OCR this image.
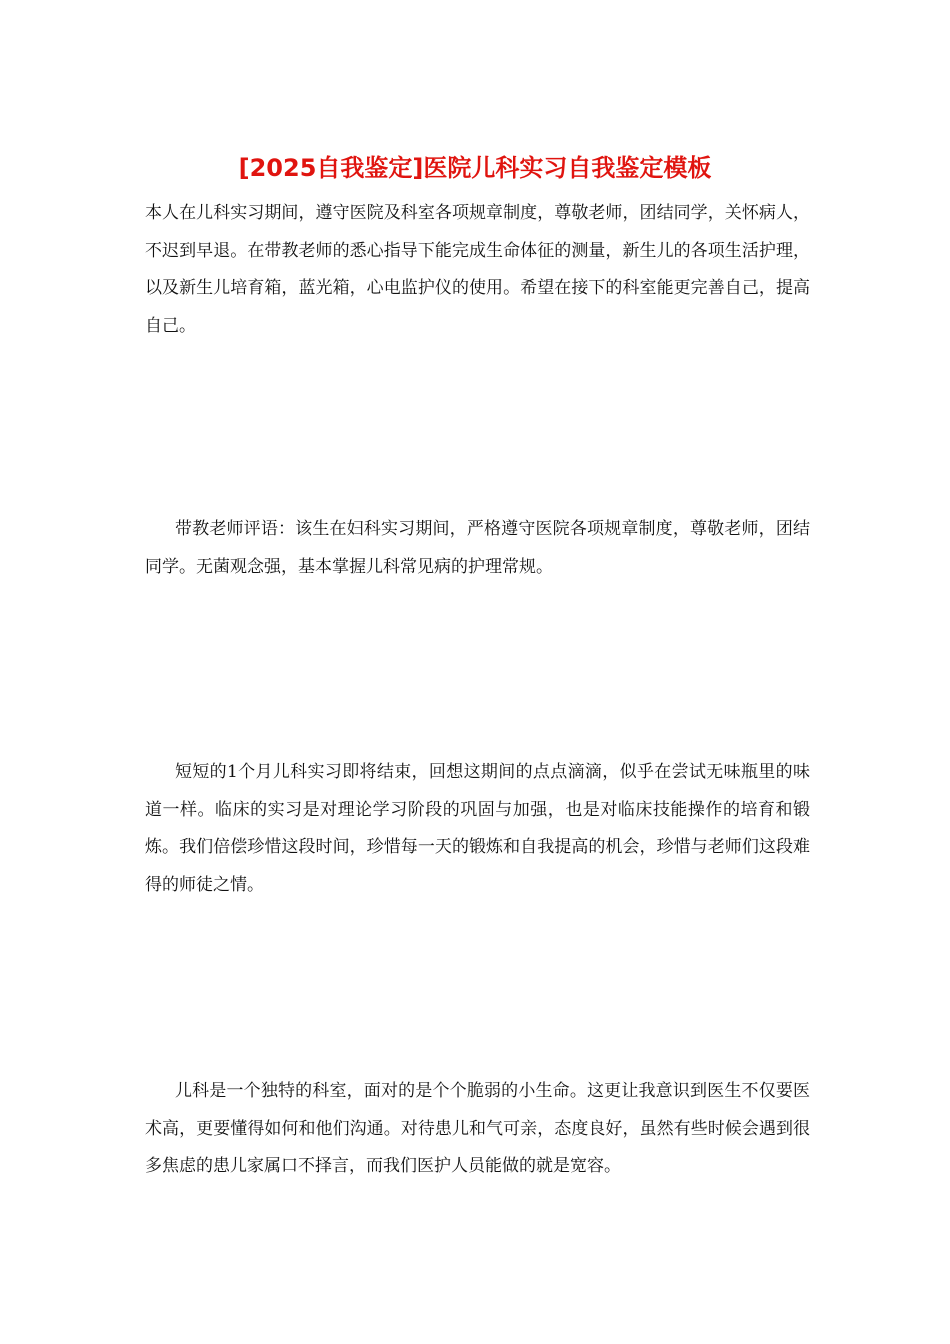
[2025自我鉴定]医院儿科实习自我鉴定模板

本人在儿科实习期间，遵守医院及科室各项规章制度，尊敬老师，团结同学，关怀病人，不迟到早退。在带教老师的悉心指导下能完成生命体征的测量，新生儿的各项生活护理，以及新生儿培育箱，蓝光箱，心电监护仪的使用。希望在接下的科室能更完善自己，提高自己。

带教老师评语：该生在妇科实习期间，严格遵守医院各项规章制度，尊敬老师，团结同学。无菌观念强，基本掌握儿科常见病的护理常规。

短短的1个月儿科实习即将结束，回想这期间的点点滴滴，似乎在尝试无味瓶里的味道一样。临床的实习是对理论学习阶段的巩固与加强，也是对临床技能操作的培育和锻炼。我们倍偿珍惜这段时间，珍惜每一天的锻炼和自我提高的机会，珍惜与老师们这段难得的师徒之情。

儿科是一个独特的科室，面对的是个个脆弱的小生命。这更让我意识到医生不仅要医术高，更要懂得如何和他们沟通。对待患儿和气可亲，态度良好，虽然有些时候会遇到很多焦虑的患儿家属口不择言，而我们医护人员能做的就是宽容。
